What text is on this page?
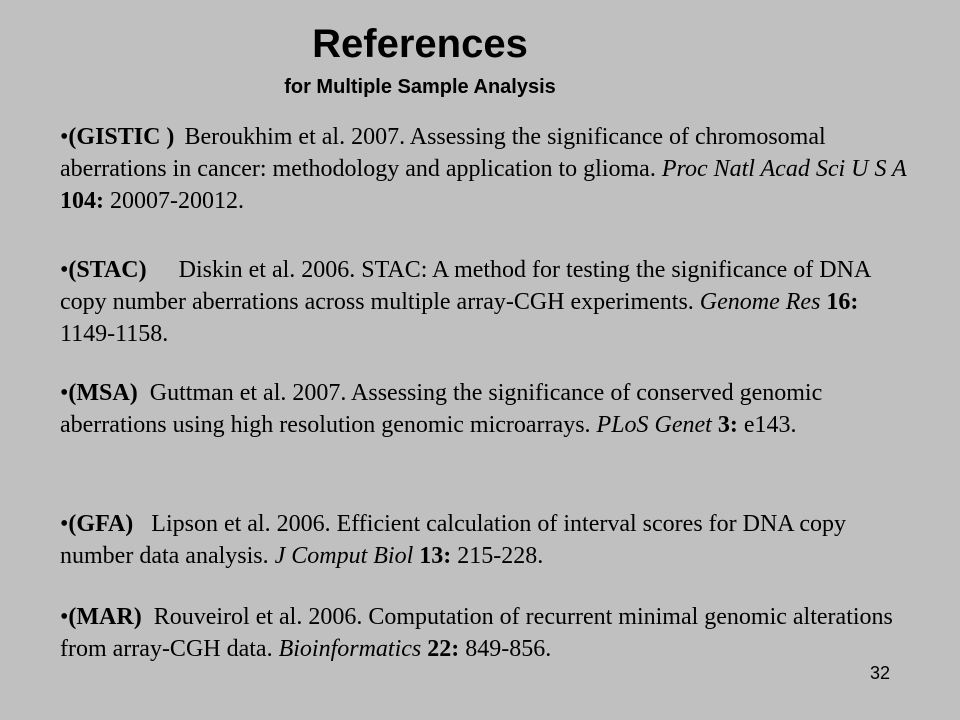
References
for Multiple Sample Analysis
•(GISTIC ) Beroukhim et al. 2007. Assessing the significance of chromosomal aberrations in cancer: methodology and application to glioma. Proc Natl Acad Sci U S A 104: 20007-20012.
•(STAC) Diskin et al. 2006. STAC: A method for testing the significance of DNA copy number aberrations across multiple array-CGH experiments. Genome Res 16: 1149-1158.
•(MSA) Guttman et al. 2007. Assessing the significance of conserved genomic aberrations using high resolution genomic microarrays. PLoS Genet 3: e143.
•(GFA) Lipson et al. 2006. Efficient calculation of interval scores for DNA copy number data analysis. J Comput Biol 13: 215-228.
•(MAR) Rouveirol et al. 2006. Computation of recurrent minimal genomic alterations from array-CGH data. Bioinformatics 22: 849-856.
32
